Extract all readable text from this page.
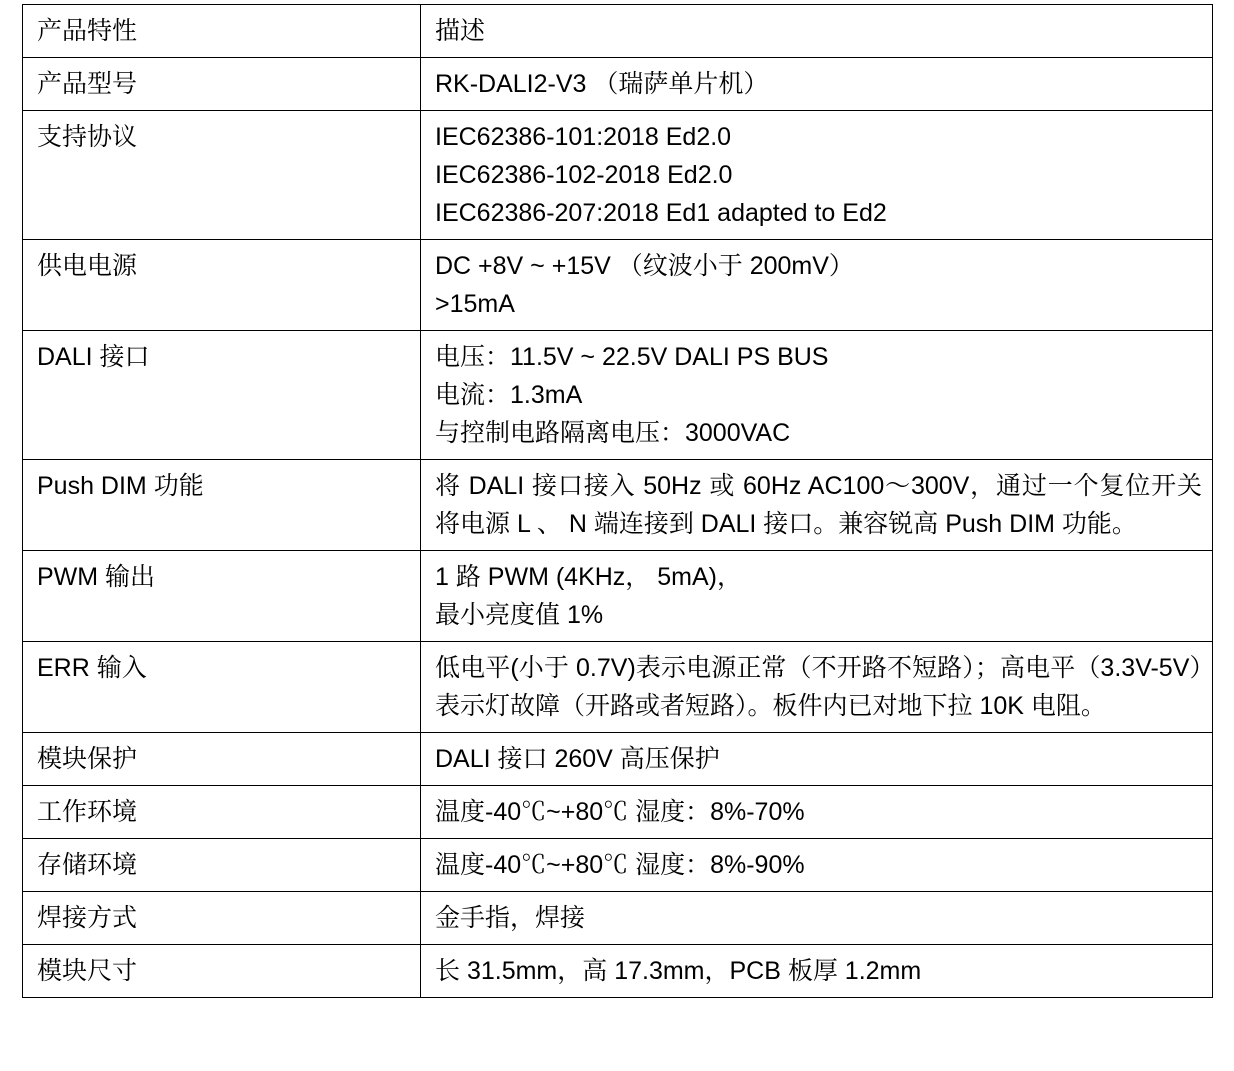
产品特性	描述
产品型号	RK-DALI2-V3 （瑞萨单片机）

支持协议	IEC62386-101:2018 Ed2.0
IEC62386-102-2018 Ed2.0
IEC62386-207:2018 Ed1 adapted to Ed2

供电电源	DC +8V ~ +15V （纹波小于 200mV）
>15mA

DALI 接口	电压：11.5V ~ 22.5V DALI PS BUS
电流：1.3mA
与控制电路隔离电压：3000VAC

Push DIM 功能	将 DALI 接口接入 50Hz 或 60Hz AC100～300V，通过一个复位开关将电源 L 、 N 端连接到 DALI 接口。兼容锐高 Push DIM 功能。

PWM 输出	1 路 PWM (4KHz， 5mA)，
最小亮度值 1%

ERR 输入	低电平(小于 0.7V)表示电源正常（不开路不短路）；高电平（3.3V-5V）表示灯故障（开路或者短路）。板件内已对地下拉 10K 电阻。

模块保护	DALI 接口 260V 高压保护

工作环境	温度-40℃~+80℃ 湿度：8%-70%

存储环境	温度-40℃~+80℃ 湿度：8%-90%

焊接方式	金手指，焊接

模块尺寸	长 31.5mm，高 17.3mm，PCB 板厚 1.2mm
